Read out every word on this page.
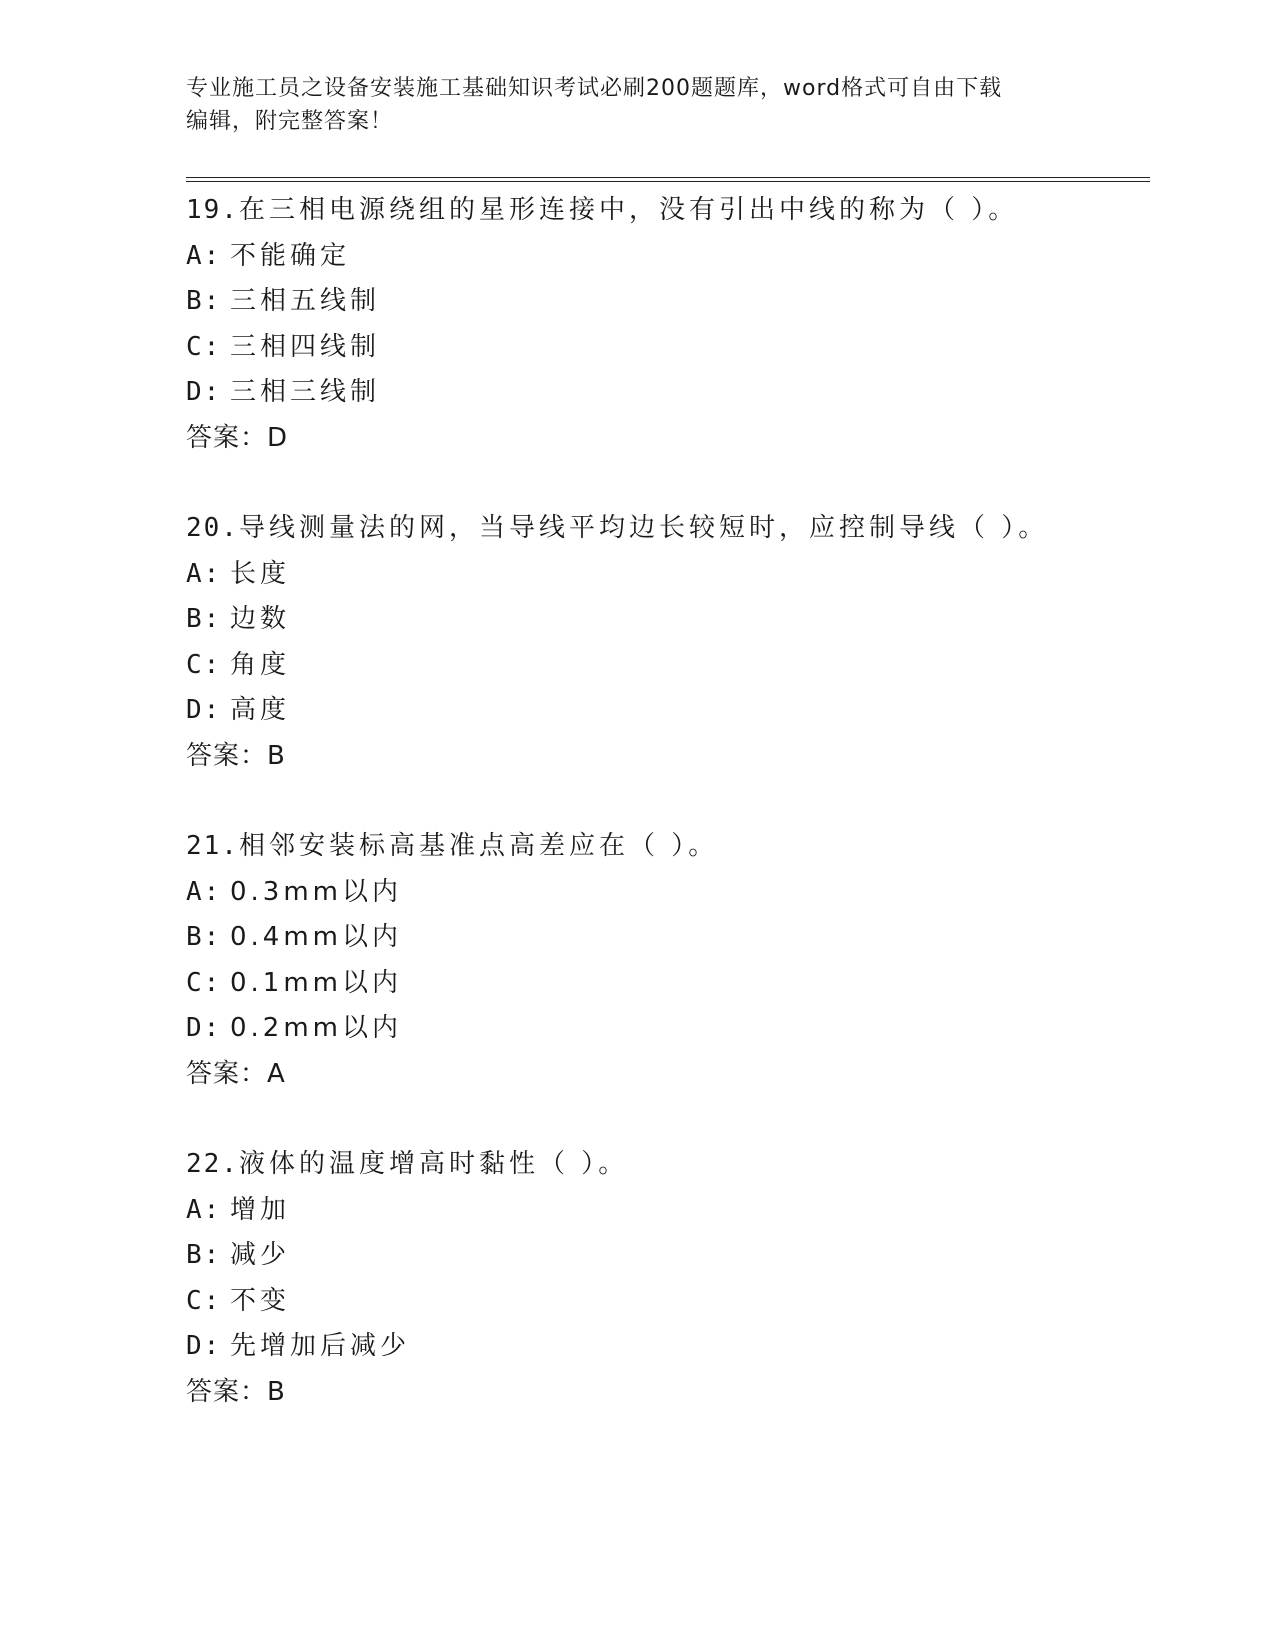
专业施工员之设备安装施工基础知识考试必刷200题题库，word格式可自由下载
编辑，附完整答案！
19.在三相电源绕组的星形连接中，没有引出中线的称为（ ）。
A: 不能确定
B: 三相五线制
C: 三相四线制
D: 三相三线制
答案：D
20.导线测量法的网，当导线平均边长较短时，应控制导线（ ）。
A: 长度
B: 边数
C: 角度
D: 高度
答案：B
21.相邻安装标高基准点高差应在（ ）。
A: 0.3mm以内
B: 0.4mm以内
C: 0.1mm以内
D: 0.2mm以内
答案：A
22.液体的温度增高时黏性（ ）。
A: 增加
B: 减少
C: 不变
D: 先增加后减少
答案：B
